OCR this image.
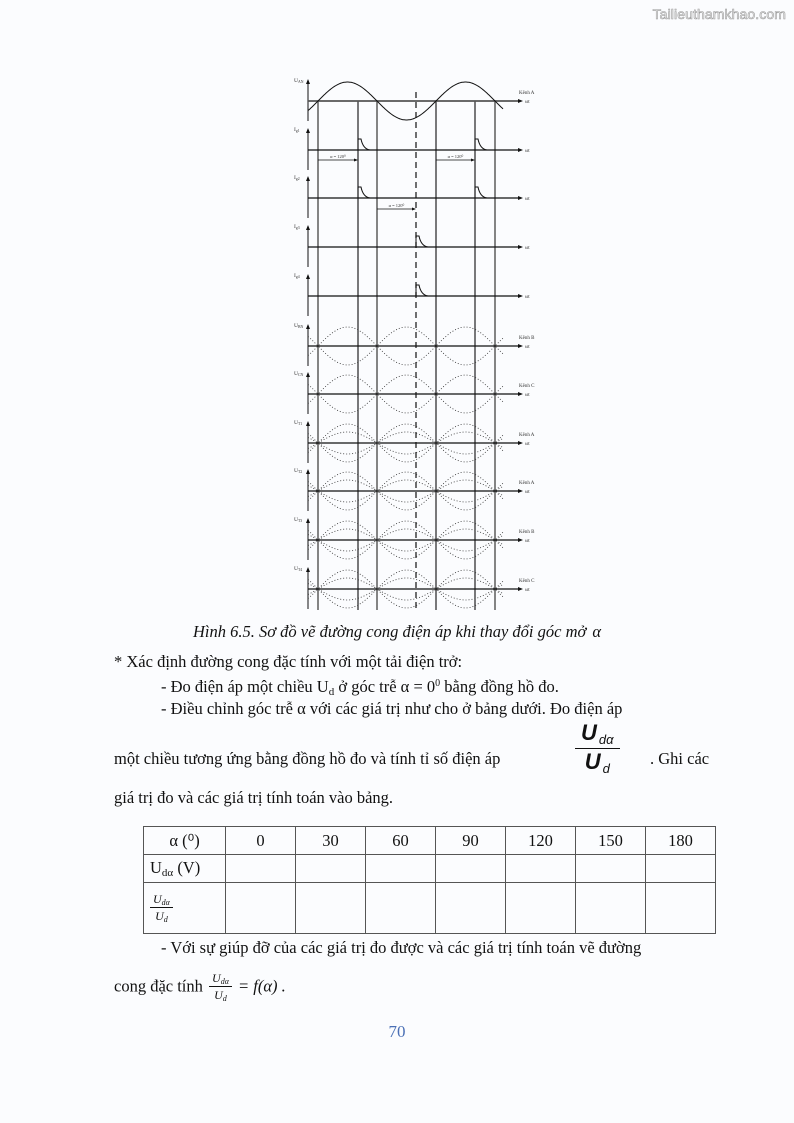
Tailieuthamkhao.com
ωt
UAN
Kênh A
ωt
Ig1
ωt
Ig2
ωt
Ig3
ωt
Ig4
ωt
UBN
Kênh B
ωt
UCN
Kênh C
ωt
UT1
Kênh A
ωt
UT2
Kênh A
ωt
UT3
Kênh B
ωt
UT4
Kênh C
α = 120⁰	α = 120⁰
α = 120⁰
Hình 6.5. Sơ đồ vẽ đường cong điện áp khi thay đổi góc mở α
* Xác định đường cong đặc tính với một tải điện trở:
- Đo điện áp một chiều $U_d$ ở góc trễ $\alpha = 0^0$ bằng đồng hồ đo.
- Điều chỉnh góc trễ α với các giá trị như cho ở bảng dưới. Đo điện áp
một chiều tương ứng bằng đồng hồ đo và tính tỉ số điện áp	$\frac{\text{U dα}}{\text{U d}}$ . Ghi các
giá trị đo và các giá trị tính toán vào bảng.
α (⁰)	0	30	60	90	120	150	180
$U_{d\alpha}$ (V)							

$\frac{\text{Udα}}{Ud}$

- Với sự giúp đỡ của các giá trị đo được và các giá trị tính toán vẽ đường
cong đặc tính $\frac{\text{Udα}}{Ud} = f(\alpha)$ .
70
